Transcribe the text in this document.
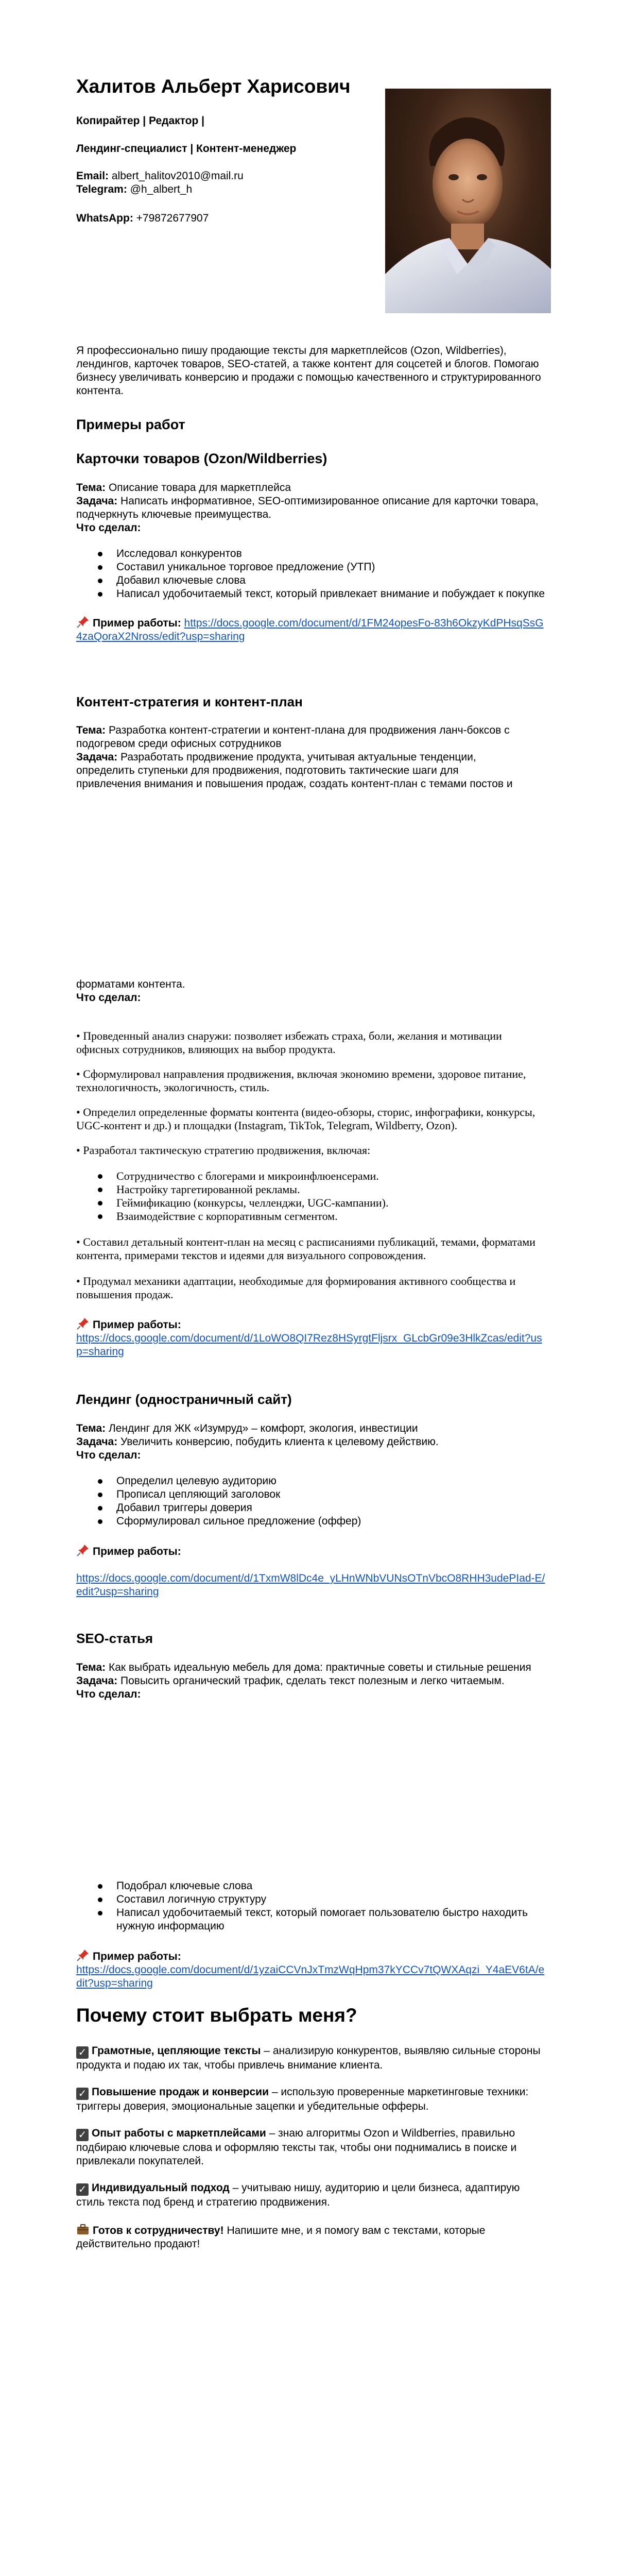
Халитов Альберт Харисович
Копирайтер | Редактор |
Лендинг-специалист | Контент-менеджер
Email: albert_halitov2010@mail.ru
Telegram: @h_albert_h
WhatsApp: +79872677907
Я профессионально пишу продающие тексты для маркетплейсов (Ozon, Wildberries), лендингов, карточек товаров, SEO-статей, а также контент для соцсетей и блогов. Помогаю бизнесу увеличивать конверсию и продажи с помощью качественного и структурированного контента.
Примеры работ
Карточки товаров (Ozon/Wildberries)

Тема: Описание товара для маркетплейса

Задача: Написать информативное, SEO-оптимизированное описание для карточки товара, подчеркнуть ключевые преимущества.

Что сделал:

Исследовал конкурентов
Составил уникальное торговое предложение (УТП)
Добавил ключевые слова
Написал удобочитаемый текст, который привлекает внимание и побуждает к покупке

Пример работы: https://docs.google.com/document/d/1FM24opesFo-83h6OkzyKdPHsqSsG4zaQoraX2Nross/edit?usp=sharing

Контент-стратегия и контент-план

Тема: Разработка контент-стратегии и контент-плана для продвижения ланч-боксов с подогревом среди офисных сотрудников

Задача: Разработать продвижение продукта, учитывая актуальные тенденции,

определить ступеньки для продвижения, подготовить тактические шаги для

привлечения внимания и повышения продаж, создать контент-план с темами постов и

форматами контента.

Что сделал:

• Проведенный анализ снаружи: позволяет избежать страха, боли, желания и мотивации офисных сотрудников, влияющих на выбор продукта.

• Сформулировал направления продвижения, включая экономию времени, здоровое питание, технологичность, экологичность, стиль.

• Определил определенные форматы контента (видео-обзоры, сторис, инфографики, конкурсы, UGC-контент и др.) и площадки (Instagram, TikTok, Telegram, Wildberry, Ozon).

• Разработал тактическую стратегию продвижения, включая:

Сотрудничество с блогерами и микроинфлюенсерами.
Настройку таргетированной рекламы.
Геймификацию (конкурсы, челленджи, UGC-кампании).
Взаимодействие с корпоративным сегментом.

• Составил детальный контент-план на месяц с расписаниями публикаций, темами, форматами контента, примерами текстов и идеями для визуального сопровождения.

• Продумал механики адаптации, необходимые для формирования активного сообщества и повышения продаж.

Пример работы:

https://docs.google.com/document/d/1LoWO8QI7Rez8HSyrgtFljsrx_GLcbGr09e3HlkZcas/edit?usp=sharing

Лендинг (одностраничный сайт)

Тема: Лендинг для ЖК «Изумруд» – комфорт, экология, инвестиции

Задача: Увеличить конверсию, побудить клиента к целевому действию.

Что сделал:

Определил целевую аудиторию
Прописал цепляющий заголовок
Добавил триггеры доверия
Сформулировал сильное предложение (оффер)

Пример работы:

https://docs.google.com/document/d/1TxmW8lDc4e_yLHnWNbVUNsOTnVbcO8RHH3udePIad-E/edit?usp=sharing

SEO-статья

Тема: Как выбрать идеальную мебель для дома: практичные советы и стильные решения

Задача: Повысить органический трафик, сделать текст полезным и легко читаемым.

Что сделал:

Подобрал ключевые слова
Составил логичную структуру
Написал удобочитаемый текст, который помогает пользователю быстро находить нужную информацию

Пример работы:

https://docs.google.com/document/d/1yzaiCCVnJxTmzWqHpm37kYCCv7tQWXAqzi_Y4aEV6tA/edit?usp=sharing

Почему стоит выбрать меня?

✓ Грамотные, цепляющие тексты – анализирую конкурентов, выявляю сильные стороны продукта и подаю их так, чтобы привлечь внимание клиента.

✓ Повышение продаж и конверсии – использую проверенные маркетинговые техники: триггеры доверия, эмоциональные зацепки и убедительные офферы.

✓ Опыт работы с маркетплейсами – знаю алгоритмы Ozon и Wildberries, правильно подбираю ключевые слова и оформляю тексты так, чтобы они поднимались в поиске и привлекали покупателей.

✓ Индивидуальный подход – учитываю нишу, аудиторию и цели бизнеса, адаптирую стиль текста под бренд и стратегию продвижения.

Готов к сотрудничеству! Напишите мне, и я помогу вам с текстами, которые действительно продают!
